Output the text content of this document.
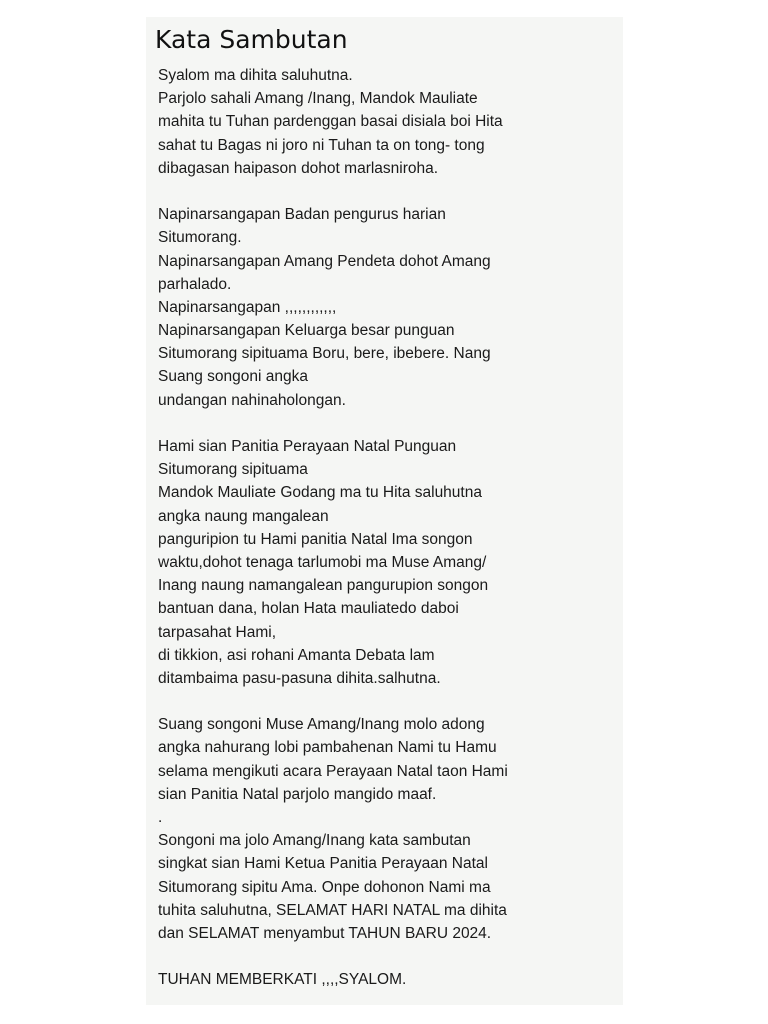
Kata Sambutan
Syalom ma dihita saluhutna.
Parjolo sahali Amang /Inang, Mandok Mauliate
mahita tu Tuhan pardenggan basai disiala boi Hita
sahat tu Bagas ni joro ni Tuhan ta on tong- tong
dibagasan haipason dohot marlasniroha.
Napinarsangapan Badan pengurus harian
Situmorang.
Napinarsangapan Amang Pendeta dohot Amang
parhalado.
Napinarsangapan ,,,,,,,,,,,,
Napinarsangapan Keluarga besar punguan
Situmorang sipituama Boru, bere, ibebere. Nang
Suang songoni angka
undangan nahinaholongan.
Hami sian Panitia Perayaan Natal Punguan
Situmorang sipituama
Mandok Mauliate Godang ma tu Hita saluhutna
angka naung mangalean
panguripion tu Hami panitia Natal Ima songon
waktu,dohot tenaga tarlumobi ma Muse Amang/
Inang naung namangalean pangurupion songon
bantuan dana, holan Hata mauliatedo daboi
tarpasahat Hami,
di tikkion, asi rohani Amanta Debata lam
ditambaima pasu-pasuna dihita.salhutna.
Suang songoni Muse Amang/Inang molo adong
angka nahurang lobi pambahenan Nami tu Hamu
selama mengikuti acara Perayaan Natal taon Hami
sian Panitia Natal parjolo mangido maaf.
.
Songoni ma jolo Amang/Inang kata sambutan
singkat sian Hami Ketua Panitia Perayaan Natal
Situmorang sipitu Ama. Onpe dohonon Nami ma
tuhita saluhutna, SELAMAT HARI NATAL ma dihita
dan SELAMAT menyambut TAHUN BARU 2024.
TUHAN MEMBERKATI ,,,,SYALOM.
